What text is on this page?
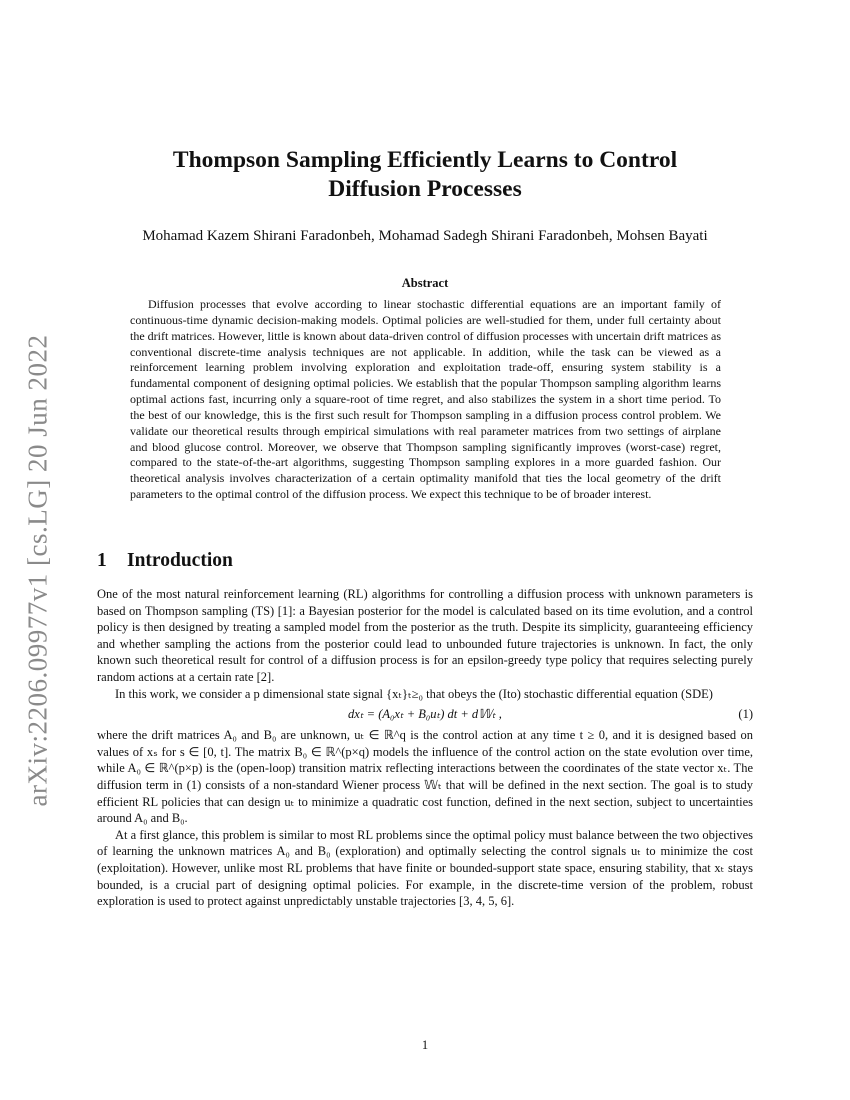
arXiv:2206.09977v1 [cs.LG] 20 Jun 2022
Thompson Sampling Efficiently Learns to Control
Diffusion Processes
Mohamad Kazem Shirani Faradonbeh, Mohamad Sadegh Shirani Faradonbeh, Mohsen Bayati
Abstract

Diffusion processes that evolve according to linear stochastic differential equations are an important family of continuous-time dynamic decision-making models. Optimal policies are well-studied for them, under full certainty about the drift matrices. However, little is known about data-driven control of diffusion processes with uncertain drift matrices as conventional discrete-time analysis techniques are not applicable. In addition, while the task can be viewed as a reinforcement learning problem involving exploration and exploitation trade-off, ensuring system stability is a fundamental component of designing optimal policies. We establish that the popular Thompson sampling algorithm learns optimal actions fast, incurring only a square-root of time regret, and also stabilizes the system in a short time period. To the best of our knowledge, this is the first such result for Thompson sampling in a diffusion process control problem. We validate our theoretical results through empirical simulations with real parameter matrices from two settings of airplane and blood glucose control. Moreover, we observe that Thompson sampling significantly improves (worst-case) regret, compared to the state-of-the-art algorithms, suggesting Thompson sampling explores in a more guarded fashion. Our theoretical analysis involves characterization of a certain optimality manifold that ties the local geometry of the drift parameters to the optimal control of the diffusion process. We expect this technique to be of broader interest.

1 Introduction

One of the most natural reinforcement learning (RL) algorithms for controlling a diffusion process with unknown parameters is based on Thompson sampling (TS) [1]: a Bayesian posterior for the model is calculated based on its time evolution, and a control policy is then designed by treating a sampled model from the posterior as the truth. Despite its simplicity, guaranteeing efficiency and whether sampling the actions from the posterior could lead to unbounded future trajectories is unknown. In fact, the only known such theoretical result for control of a diffusion process is for an epsilon-greedy type policy that requires selecting purely random actions at a certain rate [2].

In this work, we consider a p dimensional state signal {xₜ}ₜ≥₀ that obeys the (Ito) stochastic differential equation (SDE)

dxₜ = (A₀xₜ + B₀uₜ) dt + d𝕎ₜ ,	(1)

where the drift matrices A₀ and B₀ are unknown, uₜ ∈ ℝ^q is the control action at any time t ≥ 0, and it is designed based on values of xₛ for s ∈ [0, t]. The matrix B₀ ∈ ℝ^(p×q) models the influence of the control action on the state evolution over time, while A₀ ∈ ℝ^(p×p) is the (open-loop) transition matrix reflecting interactions between the coordinates of the state vector xₜ. The diffusion term in (1) consists of a non-standard Wiener process 𝕎ₜ that will be defined in the next section. The goal is to study efficient RL policies that can design uₜ to minimize a quadratic cost function, defined in the next section, subject to uncertainties around A₀ and B₀.

At a first glance, this problem is similar to most RL problems since the optimal policy must balance between the two objectives of learning the unknown matrices A₀ and B₀ (exploration) and optimally selecting the control signals uₜ to minimize the cost (exploitation). However, unlike most RL problems that have finite or bounded-support state space, ensuring stability, that xₜ stays bounded, is a crucial part of designing optimal policies. For example, in the discrete-time version of the problem, robust exploration is used to protect against unpredictably unstable trajectories [3, 4, 5, 6].

1
